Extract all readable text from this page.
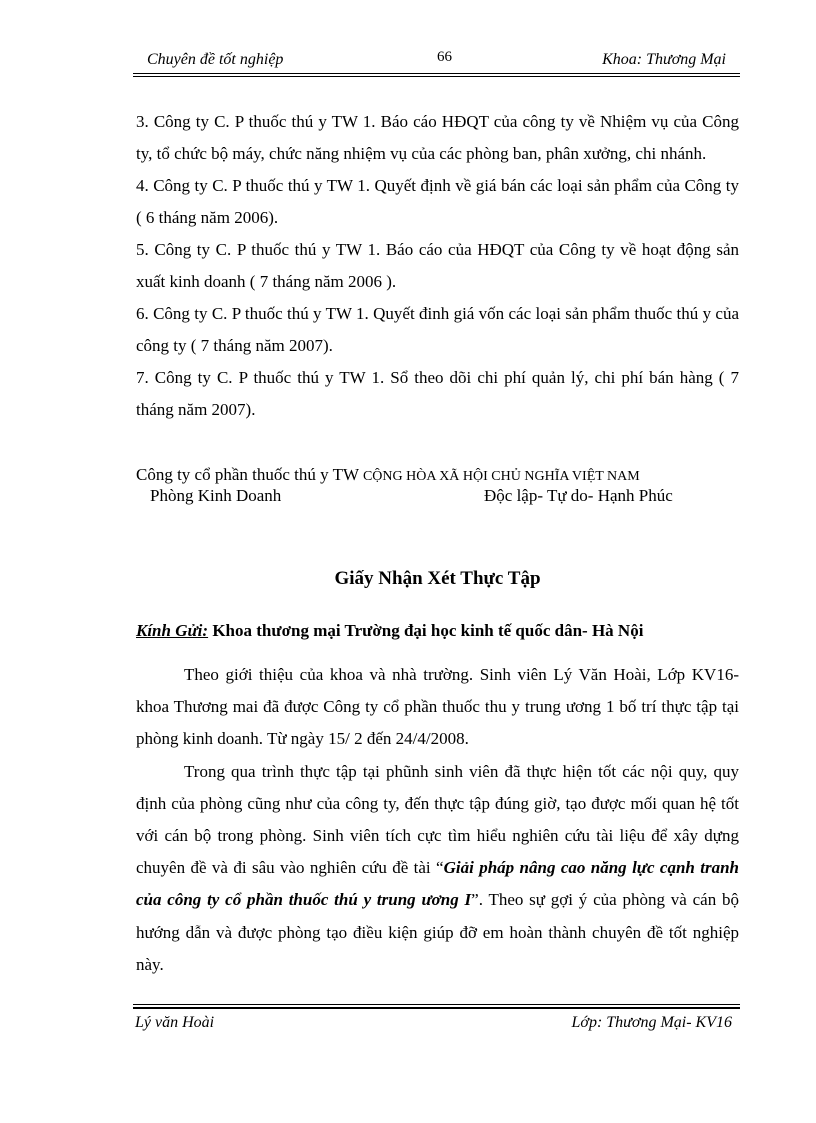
Chuyên đề tốt nghiệp	66	Khoa: Thương Mại

3. Công ty C. P thuốc thú y TW 1. Báo cáo HĐQT của công ty về Nhiệm vụ của Công ty, tổ chức bộ máy, chức năng nhiệm vụ của các phòng ban, phân xưởng, chi nhánh.

4. Công ty C. P thuốc thú y TW 1. Quyết định về giá bán các loại sản phẩm của Công ty ( 6 tháng năm 2006).

5. Công ty C. P thuốc thú y TW 1. Báo cáo của HĐQT của Công ty về hoạt động sản xuất kinh doanh ( 7 tháng năm 2006 ).

6. Công ty C. P thuốc thú y TW 1. Quyết đinh giá vốn các loại sản phẩm thuốc thú y của công ty ( 7 tháng năm 2007).

7. Công ty C. P thuốc thú y TW 1. Sổ theo dõi chi phí quản lý, chi phí bán hàng ( 7 tháng năm 2007).

Công ty cổ phần thuốc thú y TW CỘNG HÒA XÃ HỘI CHỦ NGHĨA VIỆT NAM
Phòng Kinh Doanh	Độc lập- Tự do- Hạnh Phúc
Giấy Nhận Xét Thực Tập
Kính Gửi: Khoa thương mại Trường đại học kinh tế quốc dân- Hà Nội

Theo giới thiệu của khoa và nhà trường. Sinh viên Lý Văn Hoài, Lớp KV16- khoa Thương mai đã được Công ty cổ phần thuốc thu y trung ương 1 bố trí thực tập tại phòng kinh doanh. Từ ngày 15/ 2 đến 24/4/2008.

Trong qua trình thực tập tại phũnh sinh viên đã thực hiện tốt các nội quy, quy định của phòng cũng như của công ty, đến thực tập đúng giờ, tạo được mối quan hệ tốt với cán bộ trong phòng. Sinh viên tích cực tìm hiểu nghiên cứu tài liệu để xây dựng chuyên đề và đi sâu vào nghiên cứu đề tài “Giải pháp nâng cao năng lực cạnh tranh của công ty cổ phần thuốc thú y trung ương I”. Theo sự gợi ý của phòng và cán bộ hướng dẫn và được phòng tạo điều kiện giúp đỡ em hoàn thành chuyên đề tốt nghiệp này.

Lý văn Hoài	Lớp: Thương Mại- KV16
